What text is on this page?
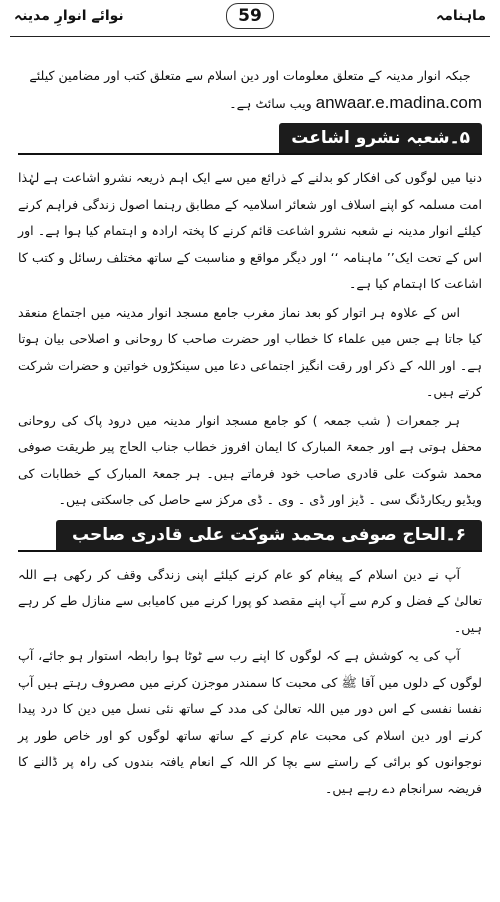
ماہنامہ
59
نوائے انوارِ مدینہ

جبکہ انوار مدینہ کے متعلق معلومات اور دین اسلام سے متعلق کتب اور مضامین کیلئے

anwaar.e.madina.com ویب سائٹ ہے۔

۵۔شعبہ نشرو اشاعت

دنیا میں لوگوں کی افکار کو بدلنے کے ذرائع میں سے ایک اہم ذریعہ نشرو اشاعت ہے لہٰذا امت مسلمہ کو اپنے اسلاف اور شعائر اسلامیہ کے مطابق رہنما اصول زندگی فراہم کرنے کیلئے انوار مدینہ نے شعبہ نشرو اشاعت قائم کرنے کا پختہ ارادہ و اہتمام کیا ہوا ہے۔ اور اس کے تحت ایک’’ ماہنامہ ‘‘ اور دیگر مواقع و مناسبت کے ساتھ مختلف رسائل و کتب کا اشاعت کا اہتمام کیا ہے۔

اس کے علاوہ ہر اتوار کو بعد نماز مغرب جامع مسجد انوار مدینہ میں اجتماع منعقد کیا جاتا ہے جس میں علماء کا خطاب اور حضرت صاحب کا روحانی و اصلاحی بیان ہوتا ہے۔ اور اللہ کے ذکر اور رقت انگیز اجتماعی دعا میں سینکڑوں خواتین و حضرات شرکت کرتے ہیں۔

ہر جمعرات ( شب جمعہ ) کو جامع مسجد انوار مدینہ میں درود پاک کی روحانی محفل ہوتی ہے اور جمعۃ المبارک کا ایمان افروز خطاب جناب الحاج پیر طریقت صوفی محمد شوکت علی قادری صاحب خود فرماتے ہیں۔ ہر جمعۃ المبارک کے خطابات کی ویڈیو ریکارڈنگ سی ۔ ڈیز اور ڈی ۔ وی ۔ ڈی مرکز سے حاصل کی جاسکتی ہیں۔

۶۔الحاج صوفی محمد شوکت علی قادری صاحب

آپ نے دین اسلام کے پیغام کو عام کرنے کیلئے اپنی زندگی وقف کر رکھی ہے اللہ تعالیٰ کے فضل و کرم سے آپ اپنے مقصد کو پورا کرنے میں کامیابی سے منازل طے کر رہے ہیں۔

آپ کی یہ کوشش ہے کہ لوگوں کا اپنے رب سے ٹوٹا ہوا رابطہ استوار ہو جائے، آپ لوگوں کے دلوں میں آقا ﷺ کی محبت کا سمندر موجزن کرنے میں مصروف رہتے ہیں آپ نفسا نفسی کے اس دور میں اللہ تعالیٰ کی مدد کے ساتھ نئی نسل میں دین کا درد پیدا کرنے اور دین اسلام کی محبت عام کرنے کے ساتھ ساتھ لوگوں کو اور خاص طور پر نوجوانوں کو برائی کے راستے سے بچا کر اللہ کے انعام یافتہ بندوں کی راہ پر ڈالنے کا فریضہ سرانجام دے رہے ہیں۔
